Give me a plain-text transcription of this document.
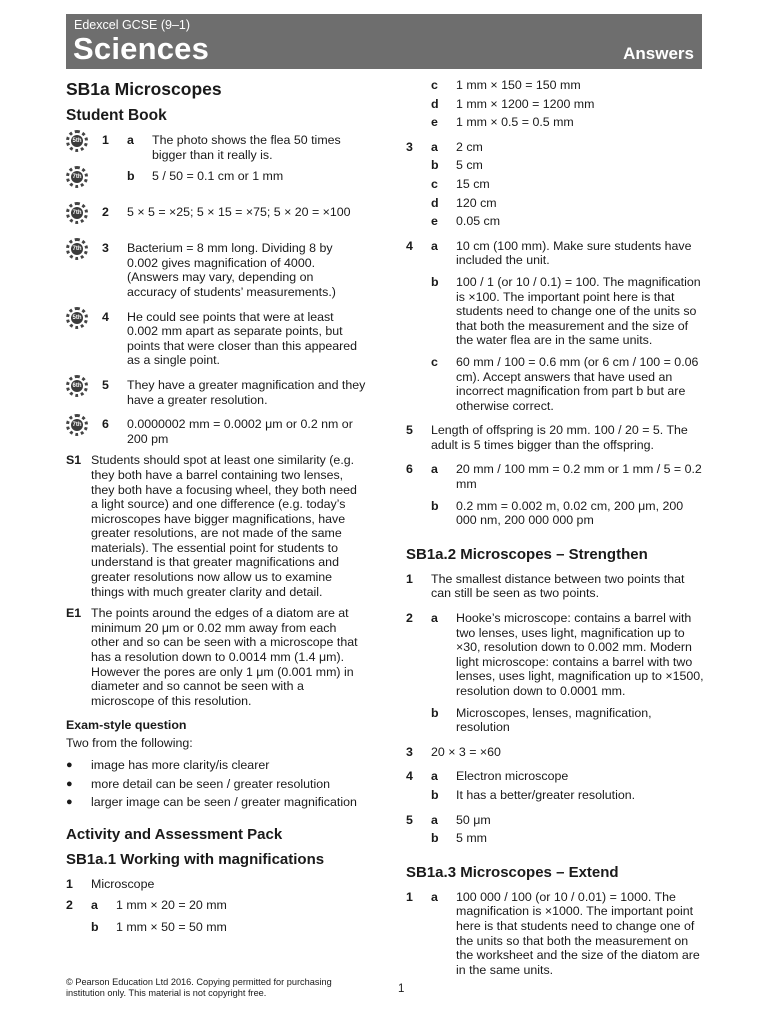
Edexcel GCSE (9–1)
Sciences	Answers
SB1a Microscopes
Student Book
5th 1	a	The photo shows the flea 50 times bigger than it really is.
7th	b	5 / 50 = 0.1 cm or 1 mm
7th 2	5 × 5 = ×25; 5 × 15 = ×75; 5 × 20 = ×100
7th 3	Bacterium = 8 mm long. Dividing 8 by 0.002 gives magnification of 4000. (Answers may vary, depending on accuracy of students’ measurements.)
5th 4	He could see points that were at least 0.002 mm apart as separate points, but points that were closer than this appeared as a single point.
6th 5	They have a greater magnification and they have a greater resolution.
7th 6	0.0000002 mm = 0.0002 μm or 0.2 nm or 200 pm
S1 Students should spot at least one similarity (e.g. they both have a barrel containing two lenses, they both have a focusing wheel, they both need a light source) and one difference (e.g. today’s microscopes have bigger magnifications, have greater resolutions, are not made of the same materials). The essential point for students to understand is that greater magnifications and greater resolutions now allow us to examine things with much greater clarity and detail.
E1 The points around the edges of a diatom are at minimum 20 μm or 0.02 mm away from each other and so can be seen with a microscope that has a resolution down to 0.0014 mm (1.4 μm). However the pores are only 1 μm (0.001 mm) in diameter and so cannot be seen with a microscope of this resolution.
Exam-style question
Two from the following:
●	image has more clarity/is clearer
●	more detail can be seen / greater resolution
●	larger image can be seen / greater magnification
Activity and Assessment Pack
SB1a.1 Working with magnifications
1	Microscope
2	a	1 mm × 20 = 20 mm
b	1 mm × 50 = 50 mm
c	1 mm × 150 = 150 mm
d	1 mm × 1200 = 1200 mm
e	1 mm × 0.5 = 0.5 mm
3	a	2 cm
b	5 cm
c	15 cm
d	120 cm
e	0.05 cm
4	a	10 cm (100 mm). Make sure students have included the unit.
b	100 / 1 (or 10 / 0.1) = 100. The magnification is ×100. The important point here is that students need to change one of the units so that both the measurement and the size of the water flea are in the same units.
c	60 mm / 100 = 0.6 mm (or 6 cm / 100 = 0.06 cm). Accept answers that have used an incorrect magnification from part b but are otherwise correct.
5	Length of offspring is 20 mm. 100 / 20 = 5. The adult is 5 times bigger than the offspring.
6	a	20 mm / 100 mm = 0.2 mm or 1 mm / 5 = 0.2 mm
b	0.2 mm = 0.002 m, 0.02 cm, 200 μm, 200 000 nm, 200 000 000 pm
SB1a.2 Microscopes – Strengthen
1	The smallest distance between two points that can still be seen as two points.
2	a	Hooke’s microscope: contains a barrel with two lenses, uses light, magnification up to ×30, resolution down to 0.002 mm. Modern light microscope: contains a barrel with two lenses, uses light, magnification up to ×1500, resolution down to 0.0001 mm.
b	Microscopes, lenses, magnification, resolution
3	20 × 3 = ×60
4	a	Electron microscope
b	It has a better/greater resolution.
5	a	50 μm
b	5 mm
SB1a.3 Microscopes – Extend
1	a	100 000 / 100 (or 10 / 0.01) = 1000. The magnification is ×1000. The important point here is that students need to change one of the units so that both the measurement on the worksheet and the size of the diatom are in the same units.
© Pearson Education Ltd 2016. Copying permitted for purchasing institution only. This material is not copyright free.	1
